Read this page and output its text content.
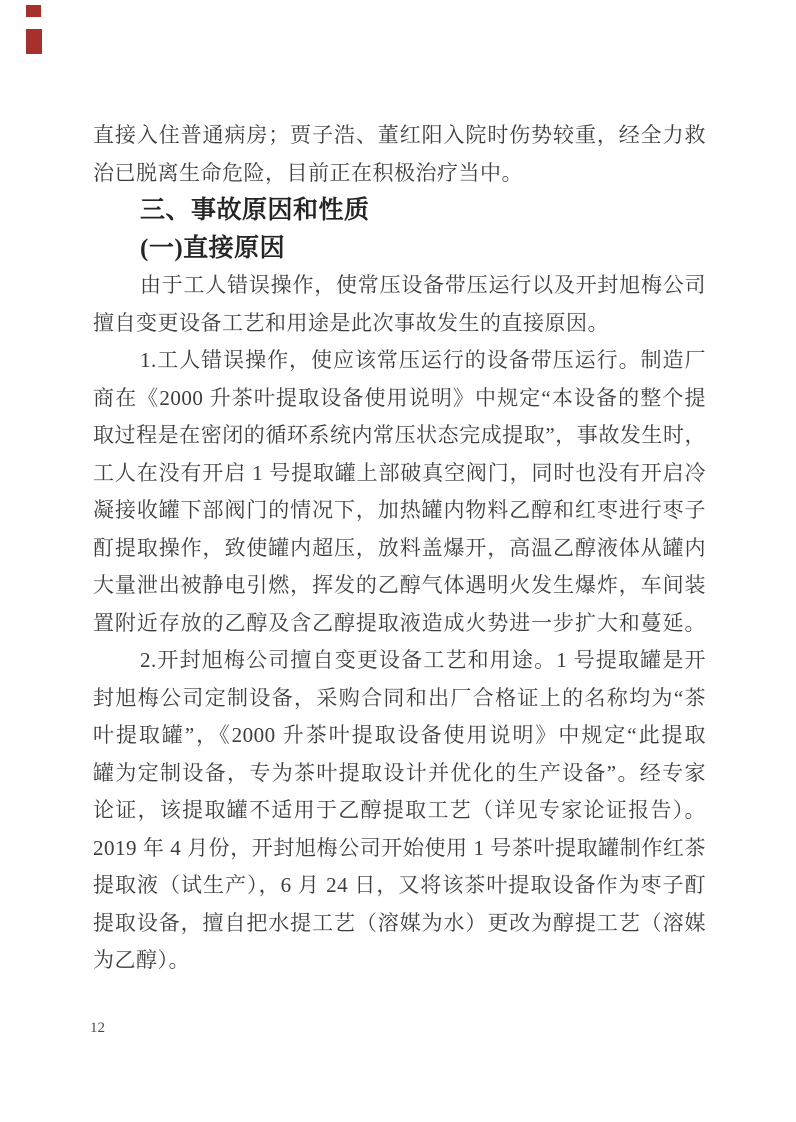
直接入住普通病房；贾子浩、董红阳入院时伤势较重，经全力救
治已脱离生命危险，目前正在积极治疗当中。
三、事故原因和性质
(一)直接原因
由于工人错误操作，使常压设备带压运行以及开封旭梅公司
擅自变更设备工艺和用途是此次事故发生的直接原因。
1.工人错误操作，使应该常压运行的设备带压运行。制造厂
商在《2000 升茶叶提取设备使用说明》中规定“本设备的整个提
取过程是在密闭的循环系统内常压状态完成提取”，事故发生时，
工人在没有开启 1 号提取罐上部破真空阀门，同时也没有开启冷
凝接收罐下部阀门的情况下，加热罐内物料乙醇和红枣进行枣子
酊提取操作，致使罐内超压，放料盖爆开，高温乙醇液体从罐内
大量泄出被静电引燃，挥发的乙醇气体遇明火发生爆炸，车间装
置附近存放的乙醇及含乙醇提取液造成火势进一步扩大和蔓延。
2.开封旭梅公司擅自变更设备工艺和用途。1 号提取罐是开
封旭梅公司定制设备，采购合同和出厂合格证上的名称均为“茶
叶提取罐”，《2000 升茶叶提取设备使用说明》中规定“此提取
罐为定制设备，专为茶叶提取设计并优化的生产设备”。经专家
论证，该提取罐不适用于乙醇提取工艺（详见专家论证报告）。
2019 年 4 月份，开封旭梅公司开始使用 1 号茶叶提取罐制作红茶
提取液（试生产），6 月 24 日，又将该茶叶提取设备作为枣子酊
提取设备，擅自把水提工艺（溶媒为水）更改为醇提工艺（溶媒
为乙醇）。
12
